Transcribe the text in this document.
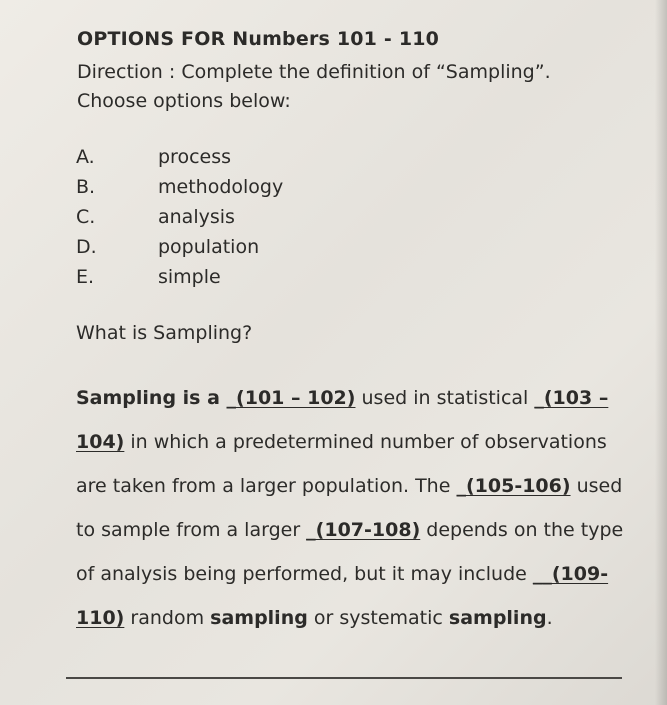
OPTIONS FOR Numbers 101 - 110
Direction : Complete the definition of “Sampling”.
Choose options below:
A.	process
B.	methodology
C.	analysis
D.	population
E.	simple
What is Sampling?
Sampling is a _(101 – 102) used in statistical _(103 –
104) in which a predetermined number of observations
are taken from a larger population. The _(105-106) used
to sample from a larger _(107-108) depends on the type
of analysis being performed, but it may include __(109-
110) random sampling or systematic sampling.
